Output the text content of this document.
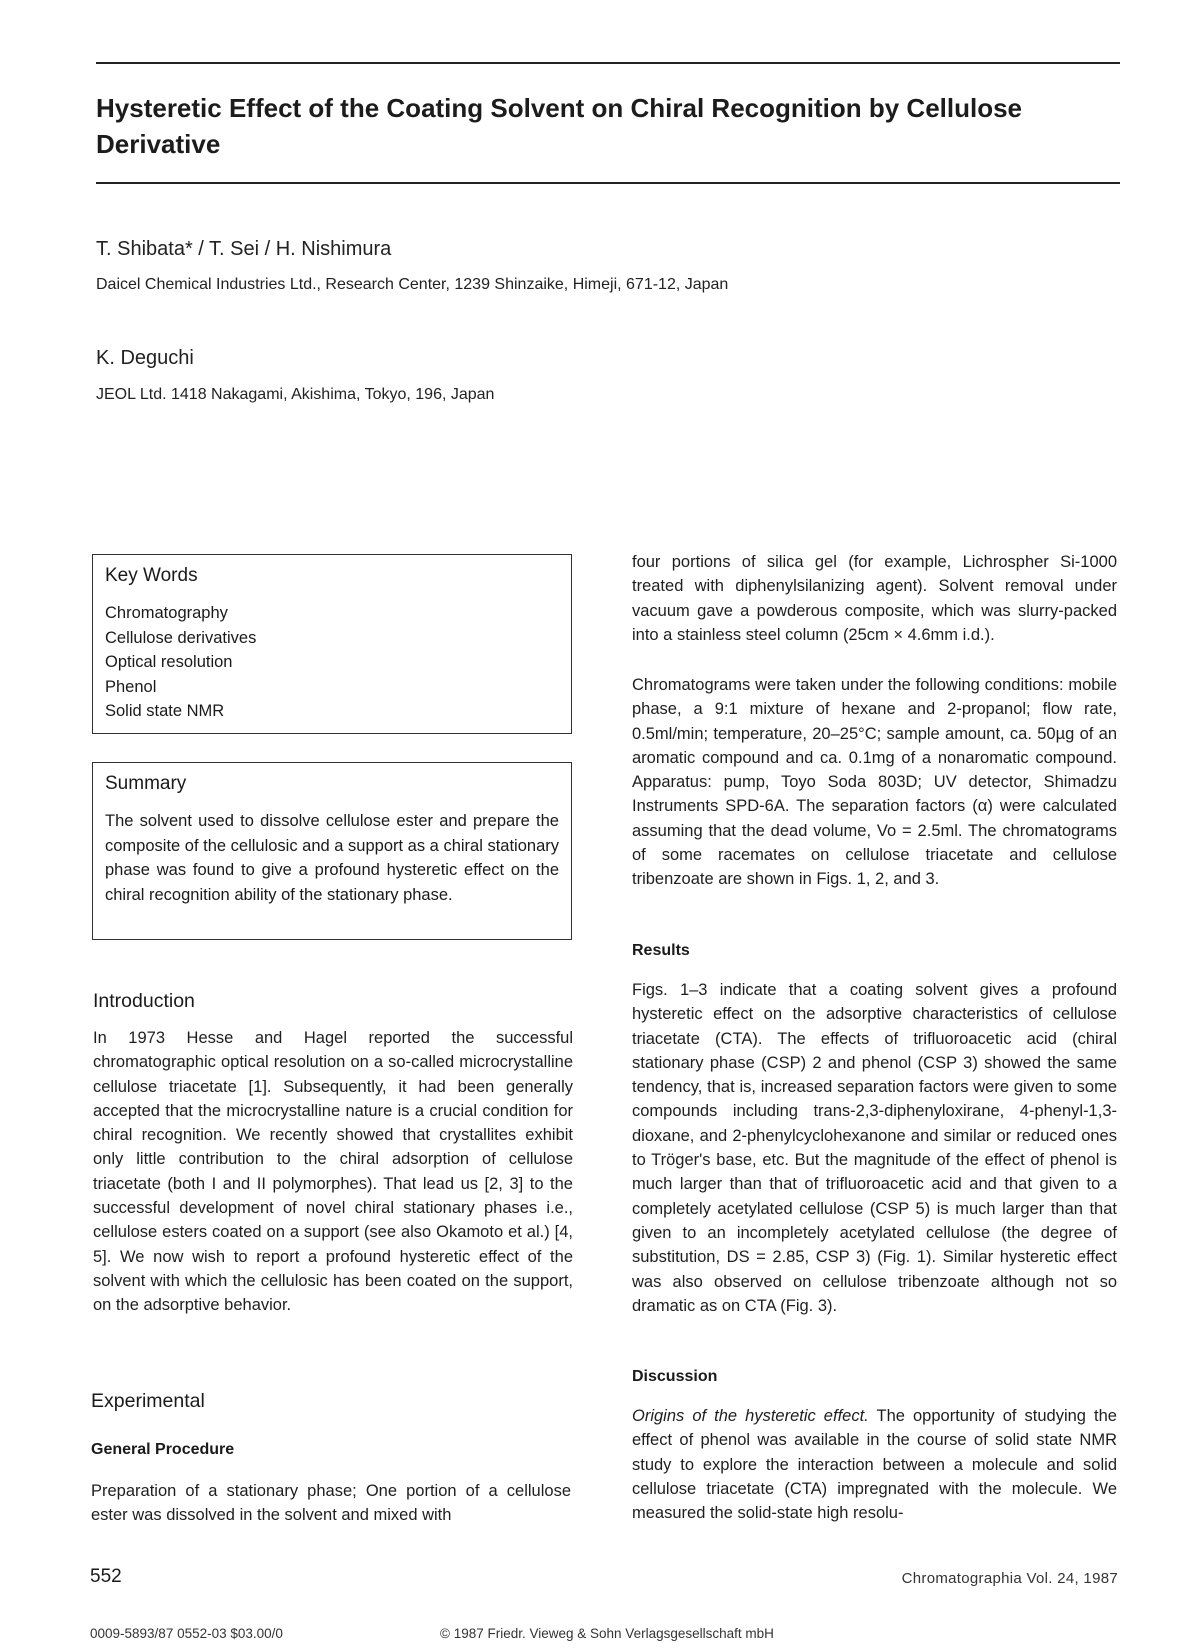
Hysteretic Effect of the Coating Solvent on Chiral Recognition by Cellulose Derivative
T. Shibata* / T. Sei / H. Nishimura
Daicel Chemical Industries Ltd., Research Center, 1239 Shinzaike, Himeji, 671-12, Japan
K. Deguchi
JEOL Ltd. 1418 Nakagami, Akishima, Tokyo, 196, Japan
Key Words
Chromatography
Cellulose derivatives
Optical resolution
Phenol
Solid state NMR
Summary

The solvent used to dissolve cellulose ester and prepare the composite of the cellulosic and a support as a chiral stationary phase was found to give a profound hysteretic effect on the chiral recognition ability of the stationary phase.

Introduction

In 1973 Hesse and Hagel reported the successful chromatographic optical resolution on a so-called microcrystalline cellulose triacetate [1]. Subsequently, it had been generally accepted that the microcrystalline nature is a crucial condition for chiral recognition. We recently showed that crystallites exhibit only little contribution to the chiral adsorption of cellulose triacetate (both I and II polymorphes). That lead us [2, 3] to the successful development of novel chiral stationary phases i.e., cellulose esters coated on a support (see also Okamoto et al.) [4, 5]. We now wish to report a profound hysteretic effect of the solvent with which the cellulosic has been coated on the support, on the adsorptive behavior.

Experimental
General Procedure

Preparation of a stationary phase; One portion of a cellulose ester was dissolved in the solvent and mixed with

four portions of silica gel (for example, Lichrospher Si-1000 treated with diphenylsilanizing agent). Solvent removal under vacuum gave a powderous composite, which was slurry-packed into a stainless steel column (25cm × 4.6mm i.d.).

Chromatograms were taken under the following conditions: mobile phase, a 9:1 mixture of hexane and 2-propanol; flow rate, 0.5ml/min; temperature, 20–25°C; sample amount, ca. 50µg of an aromatic compound and ca. 0.1mg of a nonaromatic compound. Apparatus: pump, Toyo Soda 803D; UV detector, Shimadzu Instruments SPD-6A. The separation factors (α) were calculated assuming that the dead volume, Vo = 2.5ml. The chromatograms of some racemates on cellulose triacetate and cellulose tribenzoate are shown in Figs. 1, 2, and 3.

Results

Figs. 1–3 indicate that a coating solvent gives a profound hysteretic effect on the adsorptive characteristics of cellulose triacetate (CTA). The effects of trifluoroacetic acid (chiral stationary phase (CSP) 2 and phenol (CSP 3) showed the same tendency, that is, increased separation factors were given to some compounds including trans-2,3-diphenyloxirane, 4-phenyl-1,3-dioxane, and 2-phenylcyclohexanone and similar or reduced ones to Tröger's base, etc. But the magnitude of the effect of phenol is much larger than that of trifluoroacetic acid and that given to a completely acetylated cellulose (CSP 5) is much larger than that given to an incompletely acetylated cellulose (the degree of substitution, DS = 2.85, CSP 3) (Fig. 1). Similar hysteretic effect was also observed on cellulose tribenzoate although not so dramatic as on CTA (Fig. 3).

Discussion

Origins of the hysteretic effect. The opportunity of studying the effect of phenol was available in the course of solid state NMR study to explore the interaction between a molecule and solid cellulose triacetate (CTA) impregnated with the molecule. We measured the solid-state high resolu-

552	Chromatographia Vol. 24, 1987
0009-5893/87 0552-03 $03.00/0	© 1987 Friedr. Vieweg & Sohn Verlagsgesellschaft mbH
